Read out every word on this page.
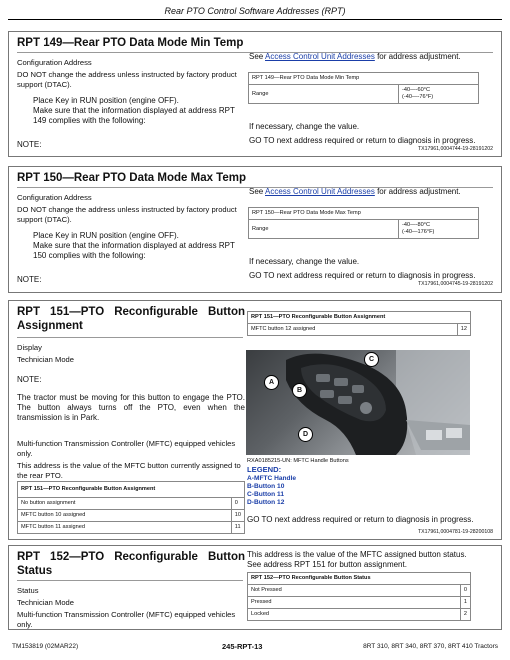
Rear PTO Control Software Addresses (RPT)
RPT 149—Rear PTO Data Mode Min Temp
Configuration Address
DO NOT change the address unless instructed by factory product support (DTAC).
Place Key in RUN position (engine OFF).
Make sure that the information displayed at address RPT 149 complies with the following:
NOTE:
See Access Control Unit Addresses for address adjustment.
RPT 149—Rear PTO Data Mode Min Temp
Range	-40—-60°C
(-40—-76°F)
If necessary, change the value.
GO TO next address required or return to diagnosis in progress.
TX17961,0004744-19-28191202
RPT 150—Rear PTO Data Mode Max Temp
Configuration Address
DO NOT change the address unless instructed by factory product support (DTAC).
Place Key in RUN position (engine OFF).
Make sure that the information displayed at address RPT 150 complies with the following:
NOTE:
See Access Control Unit Addresses for address adjustment.
RPT 150—Rear PTO Data Mode Max Temp
Range	-40—-80°C
(-40—176°F)
If necessary, change the value.
GO TO next address required or return to diagnosis in progress.
TX17961,0004745-19-28191202
RPT 151—PTO Reconfigurable Button
Assignment
Display
Technician Mode
NOTE:
The tractor must be moving for this button to engage the PTO. The button always turns off the PTO, even when the transmission is in Park.
Multi-function Transmission Controller (MFTC) equipped vehicles only.
This address is the value of the MFTC button currently assigned to the rear PTO.
RPT 151—PTO Reconfigurable Button Assignment	
No button assignment	0
MFTC button 10 assigned	10
MFTC button 11 assigned	11
RPT 151—PTO Reconfigurable Button Assignment
MFTC button 12 assigned	12
RXA0185215-UN: MFTC Handle Buttons
LEGEND:
A-MFTC Handle
B-Button 10
C-Button 11
D-Button 12
GO TO next address required or return to diagnosis in progress.
TX17961,0004781-19-28200108
A
B
C
D
RPT 152—PTO Reconfigurable Button
Status
Status
Technician Mode
Multi-function Transmission Controller (MFTC) equipped vehicles only.
This address is the value of the MFTC assigned button status. See address RPT 151 for button assignment.
RPT 152—PTO Reconfigurable Button Status	
Not Pressed	0
Pressed	1
Locked	2
TM153819 (02MAR22)	245-RPT-13	8RT 310, 8RT 340, 8RT 370, 8RT 410 Tractors
